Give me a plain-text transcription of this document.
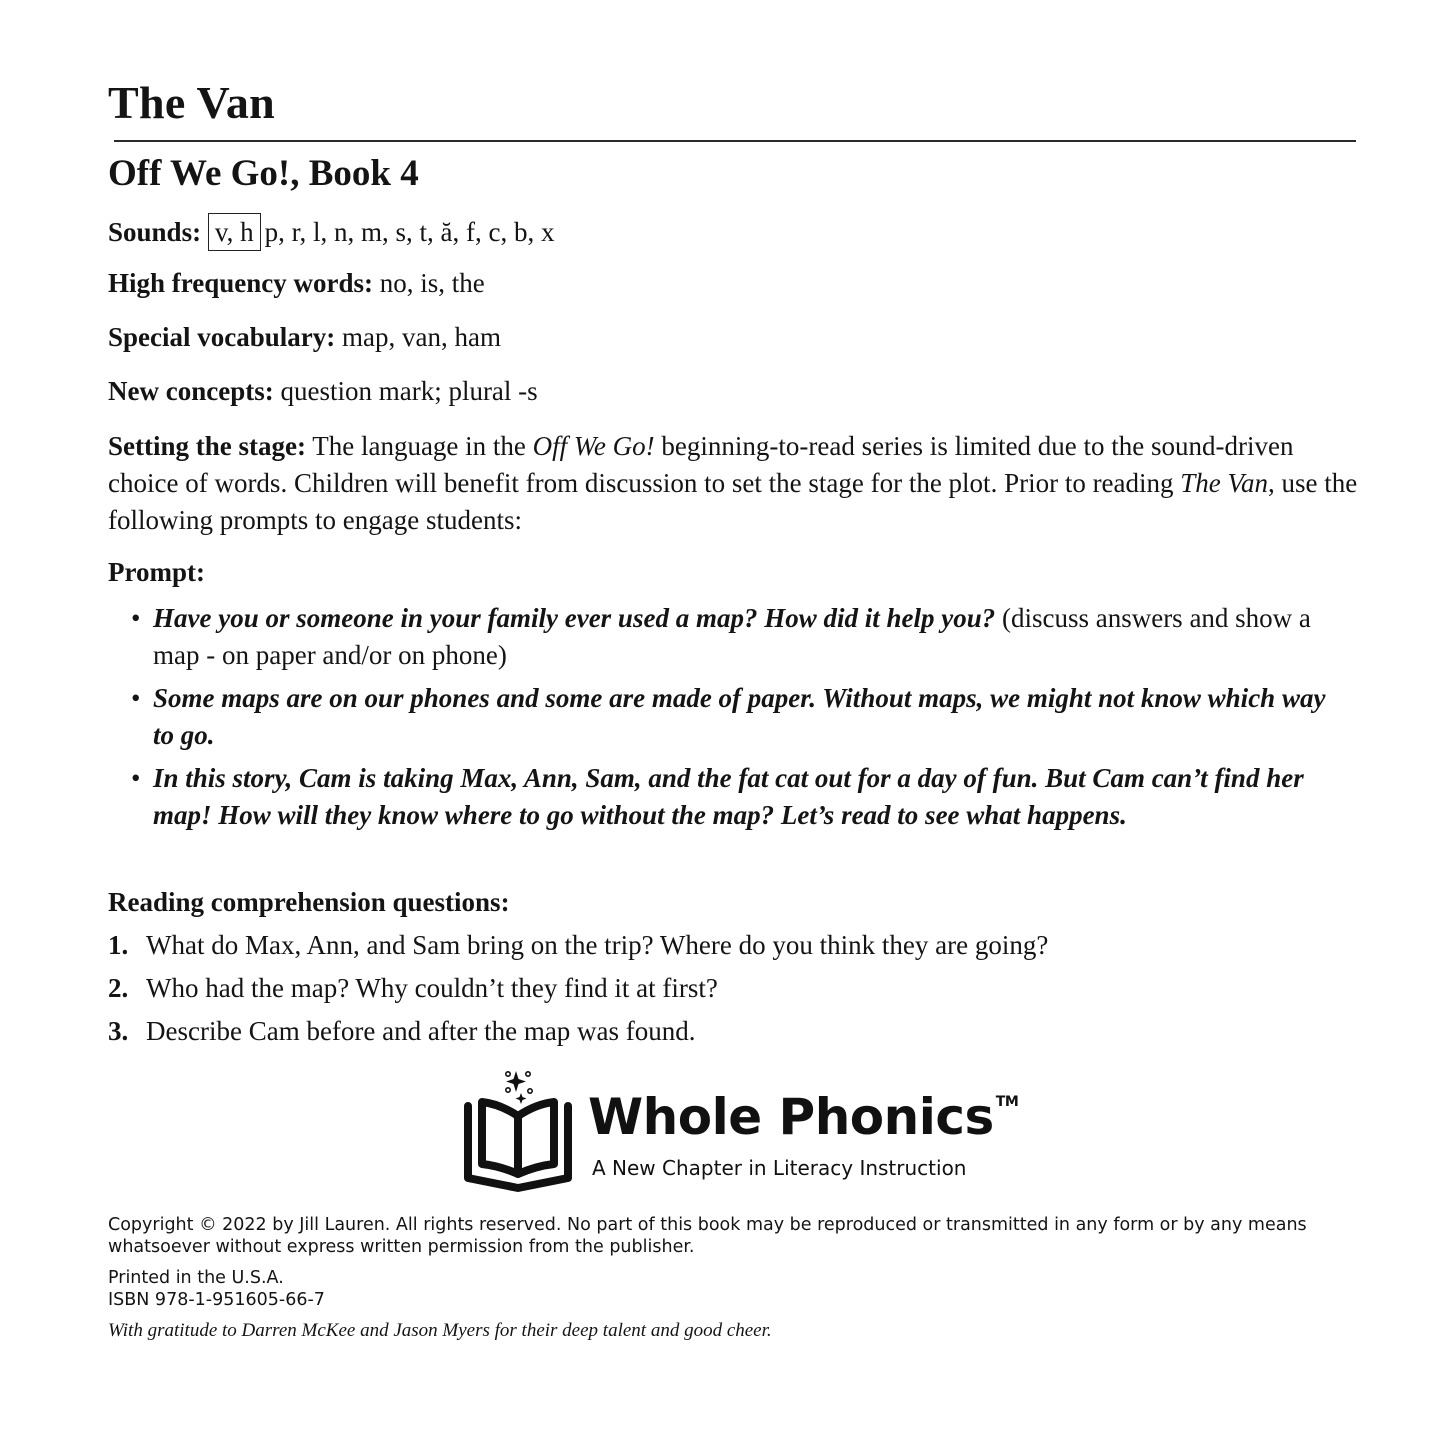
The Van
Off We Go!, Book 4

Sounds: v, h p, r, l, n, m, s, t, ă, f, c, b, x

High frequency words: no, is, the

Special vocabulary: map, van, ham

New concepts: question mark; plural -s

Setting the stage: The language in the Off We Go! beginning-to-read series is limited due to the sound-driven choice of words. Children will benefit from discussion to set the stage for the plot. Prior to reading The Van, use the following prompts to engage students:

Prompt:

• Have you or someone in your family ever used a map? How did it help you? (discuss answers and show a map - on paper and/or on phone)

• Some maps are on our phones and some are made of paper. Without maps, we might not know which way to go.

• In this story, Cam is taking Max, Ann, Sam, and the fat cat out for a day of fun. But Cam can’t find her map! How will they know where to go without the map? Let’s read to see what happens.

Reading comprehension questions:

1. What do Max, Ann, and Sam bring on the trip? Where do you think they are going?

2. Who had the map? Why couldn’t they find it at first?

3. Describe Cam before and after the map was found.

Whole Phonics ™

A New Chapter in Literacy Instruction

Copyright © 2022 by Jill Lauren. All rights reserved. No part of this book may be reproduced or transmitted in any form or by any means whatsoever without express written permission from the publisher.

Printed in the U.S.A.
ISBN 978-1-951605-66-7

With gratitude to Darren McKee and Jason Myers for their deep talent and good cheer.
